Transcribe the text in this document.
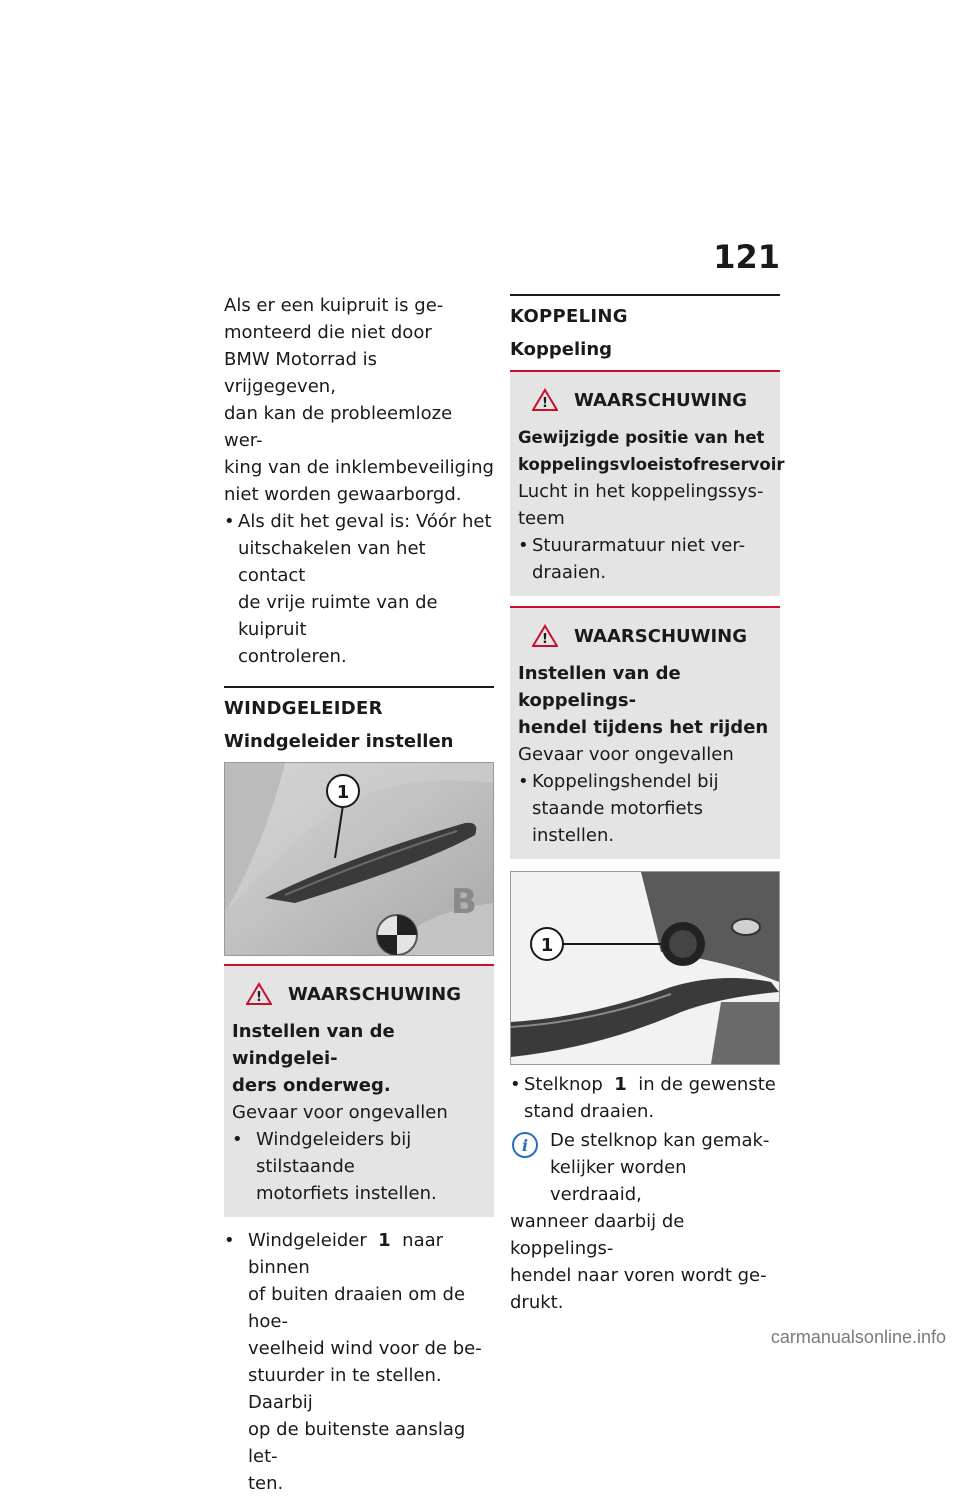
121
Als er een kuipruit is ge-
monteerd die niet door
BMW Motorrad is vrijgegeven,
dan kan de probleemloze wer-
king van de inklembeveiliging
niet worden gewaarborgd.
• Als dit het geval is: Vóór het
uitschakelen van het contact
de vrije ruimte van de kuipruit
controleren.
WINDGELEIDER
Windgeleider instellen
B
1
! WAARSCHUWING
Instellen van de windgelei-
ders onderweg.
Gevaar voor ongevallen
• Windgeleiders bij stilstaande
motorfiets instellen.
• Windgeleider 1 naar binnen
of buiten draaien om de hoe-
veelheid wind voor de be-
stuurder in te stellen. Daarbij
op de buitenste aanslag let-
ten.
KOPPELING
Koppeling
! WAARSCHUWING
Gewijzigde positie van het
koppelingsvloeistofreservoir
Lucht in het koppelingssys-
teem
• Stuurarmatuur niet ver-
draaien.
! WAARSCHUWING
Instellen van de koppelings-
hendel tijdens het rijden
Gevaar voor ongevallen
• Koppelingshendel bij
staande motorfiets instellen.
1
• Stelknop 1 in de gewenste
stand draaien.
i De stelknop kan gemak-
kelijker worden verdraaid,
wanneer daarbij de koppelings-
hendel naar voren wordt ge-
drukt.
carmanualsonline.info
